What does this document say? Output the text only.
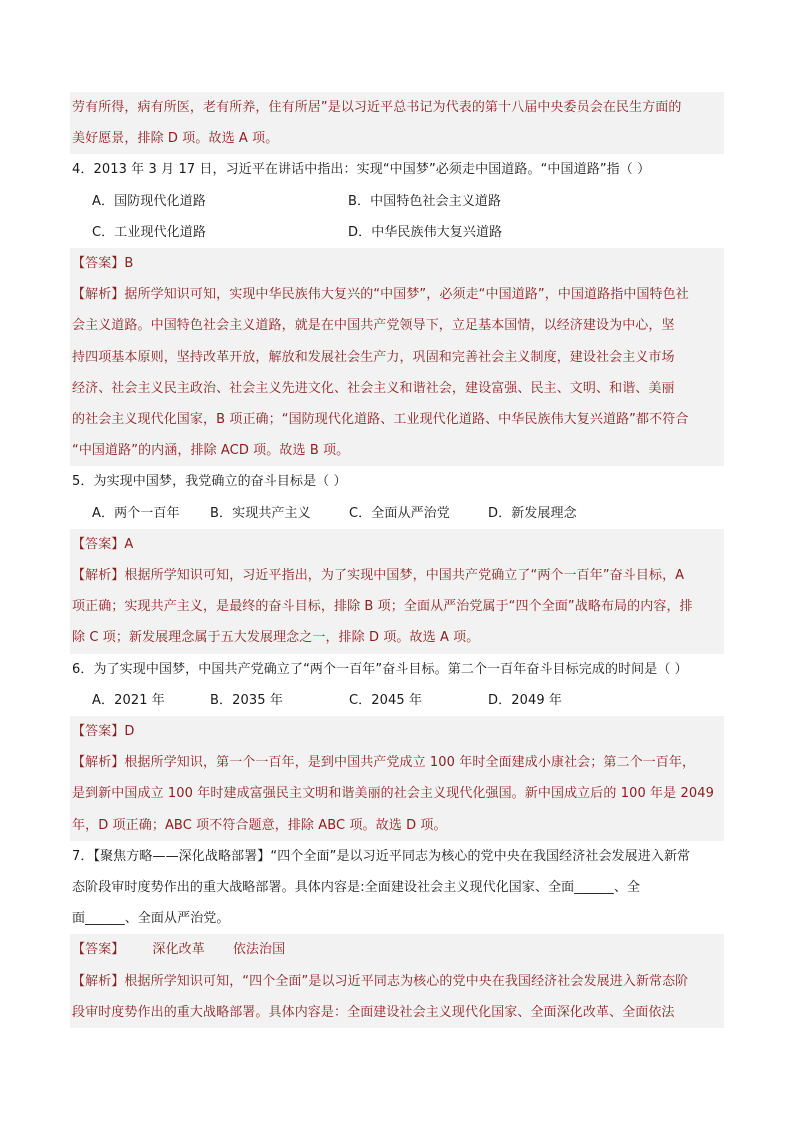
劳有所得，病有所医，老有所养，住有所居”是以习近平总书记为代表的第十八届中央委员会在民生方面的
美好愿景，排除 D 项。故选 A 项。
4．2013 年 3 月 17 日，习近平在讲话中指出：实现“中国梦”必须走中国道路。“中国道路”指（ ）
A．国防现代化道路	B．中国特色社会主义道路
C．工业现代化道路	D．中华民族伟大复兴道路
【答案】B
【解析】据所学知识可知，实现中华民族伟大复兴的“中国梦”，必须走“中国道路”，中国道路指中国特色社
会主义道路。中国特色社会主义道路，就是在中国共产党领导下，立足基本国情，以经济建设为中心，坚
持四项基本原则，坚持改革开放，解放和发展社会生产力，巩固和完善社会主义制度，建设社会主义市场
经济、社会主义民主政治、社会主义先进文化、社会主义和谐社会，建设富强、民主、文明、和谐、美丽
的社会主义现代化国家，B 项正确；“国防现代化道路、工业现代化道路、中华民族伟大复兴道路”都不符合
“中国道路”的内涵，排除 ACD 项。故选 B 项。
5．为实现中国梦，我党确立的奋斗目标是（ ）
A．两个一百年	B．实现共产主义	C．全面从严治党	D．新发展理念
【答案】A
【解析】根据所学知识可知，习近平指出，为了实现中国梦，中国共产党确立了“两个一百年”奋斗目标，A
项正确；实现共产主义，是最终的奋斗目标，排除 B 项；全面从严治党属于“四个全面”战略布局的内容，排
除 C 项；新发展理念属于五大发展理念之一，排除 D 项。故选 A 项。
6．为了实现中国梦，中国共产党确立了“两个一百年”奋斗目标。第二个一百年奋斗目标完成的时间是（ ）
A．2021 年	B．2035 年	C．2045 年	D．2049 年
【答案】D
【解析】根据所学知识，第一个一百年，是到中国共产党成立 100 年时全面建成小康社会；第二个一百年，
是到新中国成立 100 年时建成富强民主文明和谐美丽的社会主义现代化强国。新中国成立后的 100 年是 2049
年，D 项正确；ABC 项不符合题意，排除 ABC 项。故选 D 项。
7．【聚焦方略——深化战略部署】“四个全面”是以习近平同志为核心的党中央在我国经济社会发展进入新常
态阶段审时度势作出的重大战略部署。具体内容是:全面建设社会主义现代化国家、全面______、全
面______、全面从严治党。
【答案】 深化改革 依法治国
【解析】根据所学知识可知，“四个全面”是以习近平同志为核心的党中央在我国经济社会发展进入新常态阶
段审时度势作出的重大战略部署。具体内容是：全面建设社会主义现代化国家、全面深化改革、全面依法
